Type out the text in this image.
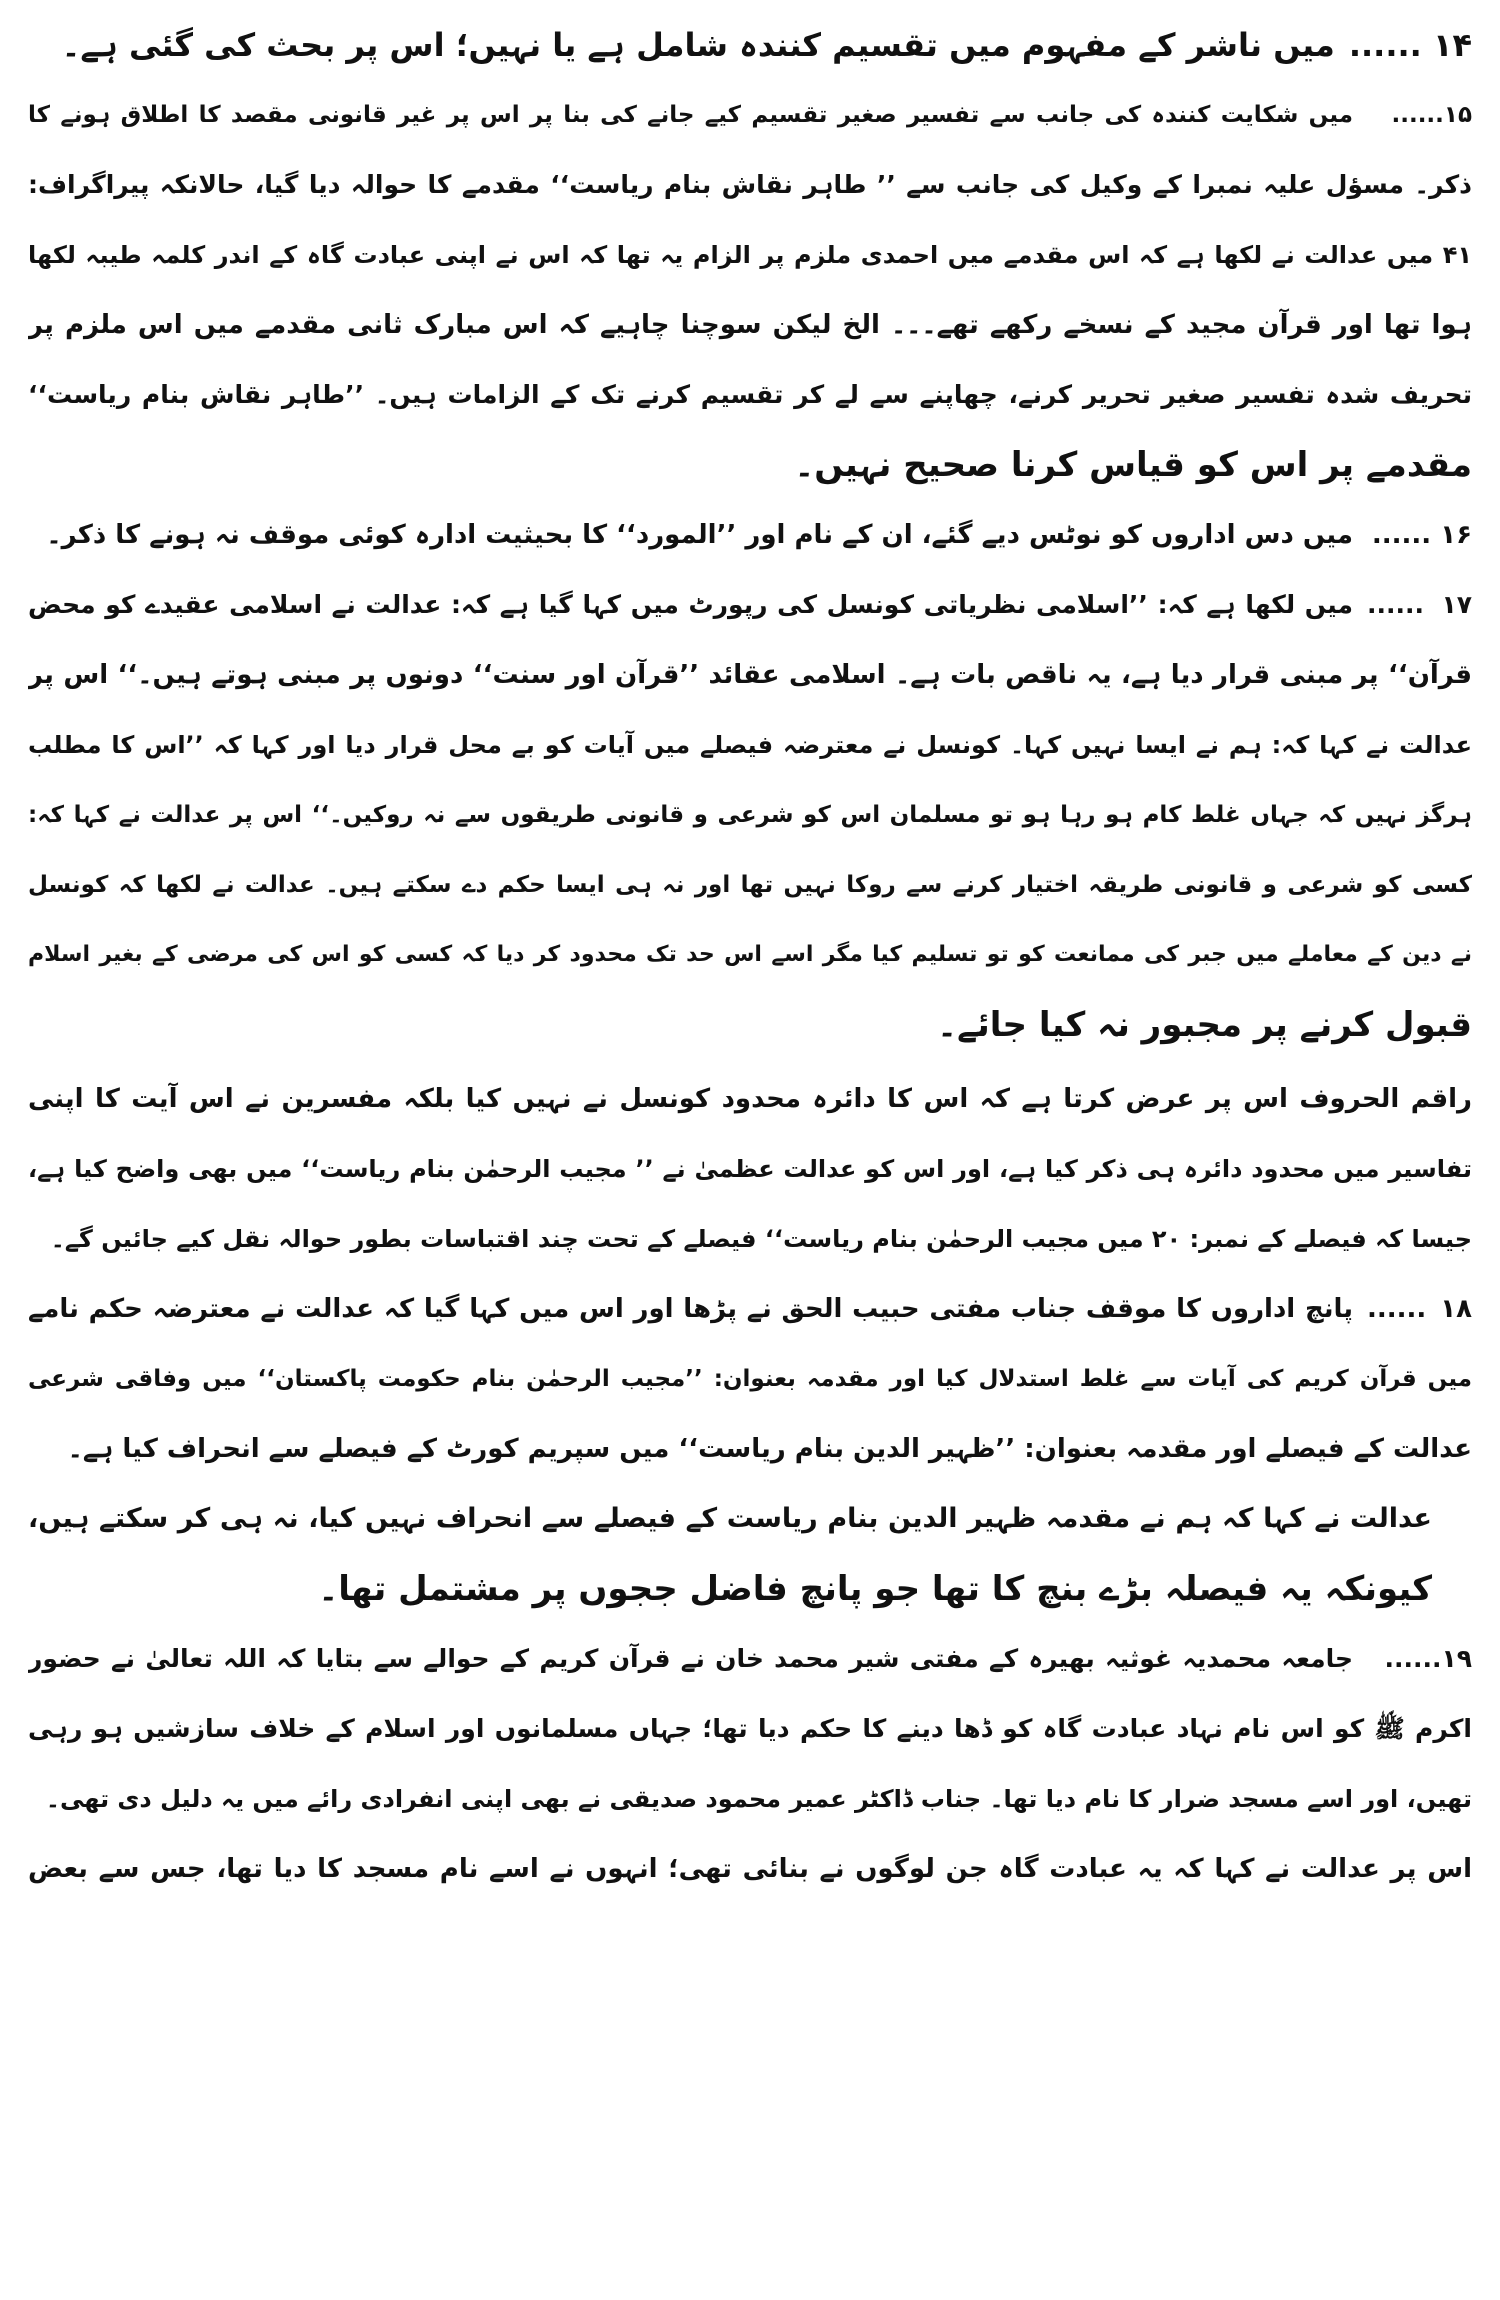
۱۴ ......میں ناشر کے مفہوم میں تقسیم کنندہ شامل ہے یا نہیں؛ اس پر بحث کی گئی ہے۔
۱۵......میں شکایت کنندہ کی جانب سے تفسیر صغیر تقسیم کیے جانے کی بنا پر اس پر غیر قانونی مقصد کا اطلاق ہونے کا
ذکر۔ مسؤل علیہ نمبرا کے وکیل کی جانب سے ’’ طاہر نقاش بنام ریاست‘‘ مقدمے کا حوالہ دیا گیا، حالانکہ پیراگراف:
۴۱ میں عدالت نے لکھا ہے کہ اس مقدمے میں احمدی ملزم پر الزام یہ تھا کہ اس نے اپنی عبادت گاہ کے اندر کلمہ طیبہ لکھا
ہوا تھا اور قرآن مجید کے نسخے رکھے تھے۔۔۔ الخ لیکن سوچنا چاہیے کہ اس مبارک ثانی مقدمے میں اس ملزم پر
تحریف شدہ تفسیر صغیر تحریر کرنے، چھاپنے سے لے کر تقسیم کرنے تک کے الزامات ہیں۔ ’’طاہر نقاش بنام ریاست‘‘
مقدمے پر اس کو قیاس کرنا صحیح نہیں۔
۱۶ ......میں دس اداروں کو نوٹس دیے گئے، ان کے نام اور ’’المورد‘‘ کا بحیثیت ادارہ کوئی موقف نہ ہونے کا ذکر۔
۱۷ ......میں لکھا ہے کہ: ’’اسلامی نظریاتی کونسل کی رپورٹ میں کہا گیا ہے کہ: عدالت نے اسلامی عقیدے کو محض
قرآن‘‘ پر مبنی قرار دیا ہے، یہ ناقص بات ہے۔ اسلامی عقائد ’’قرآن اور سنت‘‘ دونوں پر مبنی ہوتے ہیں۔‘‘ اس پر
عدالت نے کہا کہ: ہم نے ایسا نہیں کہا۔ کونسل نے معترضہ فیصلے میں آیات کو بے محل قرار دیا اور کہا کہ ’’اس کا مطلب
ہرگز نہیں کہ جہاں غلط کام ہو رہا ہو تو مسلمان اس کو شرعی و قانونی طریقوں سے نہ روکیں۔‘‘ اس پر عدالت نے کہا کہ:
کسی کو شرعی و قانونی طریقہ اختیار کرنے سے روکا نہیں تھا اور نہ ہی ایسا حکم دے سکتے ہیں۔ عدالت نے لکھا کہ کونسل
نے دین کے معاملے میں جبر کی ممانعت کو تو تسلیم کیا مگر اسے اس حد تک محدود کر دیا کہ کسی کو اس کی مرضی کے بغیر اسلام
قبول کرنے پر مجبور نہ کیا جائے۔
راقم الحروف اس پر عرض کرتا ہے کہ اس کا دائرہ محدود کونسل نے نہیں کیا بلکہ مفسرین نے اس آیت کا اپنی
تفاسیر میں محدود دائرہ ہی ذکر کیا ہے، اور اس کو عدالت عظمیٰ نے ’’ مجیب الرحمٰن بنام ریاست‘‘ میں بھی واضح کیا ہے،
جیسا کہ فیصلے کے نمبر: ۲۰ میں مجیب الرحمٰن بنام ریاست‘‘ فیصلے کے تحت چند اقتباسات بطور حوالہ نقل کیے جائیں گے۔
۱۸ ......پانچ اداروں کا موقف جناب مفتی حبیب الحق نے پڑھا اور اس میں کہا گیا کہ عدالت نے معترضہ حکم نامے
میں قرآن کریم کی آیات سے غلط استدلال کیا اور مقدمہ بعنوان: ’’مجیب الرحمٰن بنام حکومت پاکستان‘‘ میں وفاقی شرعی
عدالت کے فیصلے اور مقدمہ بعنوان: ’’ظہیر الدین بنام ریاست‘‘ میں سپریم کورٹ کے فیصلے سے انحراف کیا ہے۔
عدالت نے کہا کہ ہم نے مقدمہ ظہیر الدین بنام ریاست کے فیصلے سے انحراف نہیں کیا، نہ ہی کر سکتے ہیں،
کیونکہ یہ فیصلہ بڑے بنچ کا تھا جو پانچ فاضل ججوں پر مشتمل تھا۔
۱۹......جامعہ محمدیہ غوثیہ بھیرہ کے مفتی شیر محمد خان نے قرآن کریم کے حوالے سے بتایا کہ اللہ تعالیٰ نے حضور
اکرم ﷺ کو اس نام نہاد عبادت گاہ کو ڈھا دینے کا حکم دیا تھا؛ جہاں مسلمانوں اور اسلام کے خلاف سازشیں ہو رہی
تھیں، اور اسے مسجد ضرار کا نام دیا تھا۔ جناب ڈاکٹر عمیر محمود صدیقی نے بھی اپنی انفرادی رائے میں یہ دلیل دی تھی۔
اس پر عدالت نے کہا کہ یہ عبادت گاہ جن لوگوں نے بنائی تھی؛ انہوں نے اسے نام مسجد کا دیا تھا، جس سے بعض
